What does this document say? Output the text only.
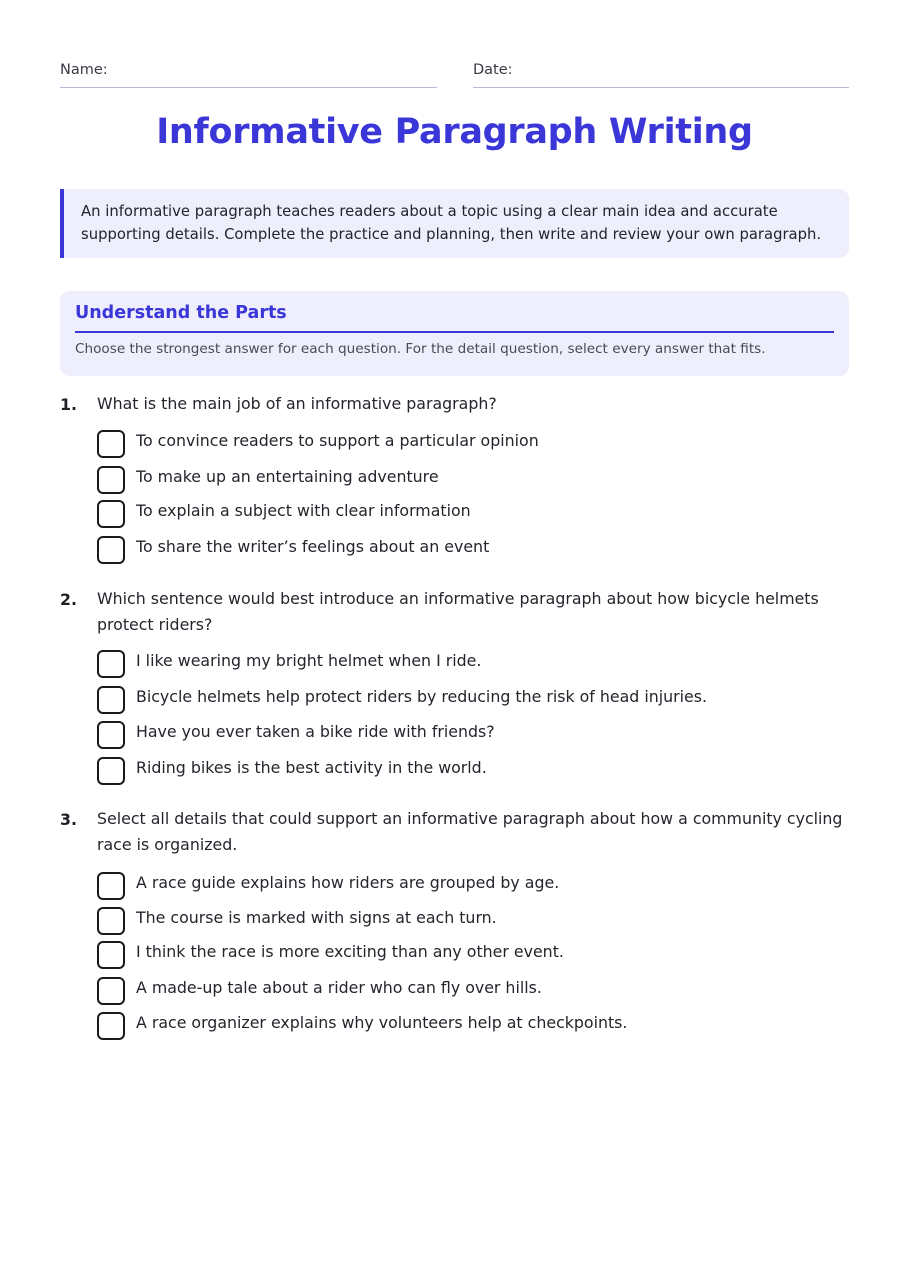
Name:	Date:
Informative Paragraph Writing
An informative paragraph teaches readers about a topic using a clear main idea and accurate supporting details. Complete the practice and planning, then write and review your own paragraph.
Understand the Parts
Choose the strongest answer for each question. For the detail question, select every answer that fits.
1. What is the main job of an informative paragraph?
To convince readers to support a particular opinion
To make up an entertaining adventure
To explain a subject with clear information
To share the writer’s feelings about an event
2. Which sentence would best introduce an informative paragraph about how bicycle helmets protect riders?
I like wearing my bright helmet when I ride.
Bicycle helmets help protect riders by reducing the risk of head injuries.
Have you ever taken a bike ride with friends?
Riding bikes is the best activity in the world.
3. Select all details that could support an informative paragraph about how a community cycling race is organized.
A race guide explains how riders are grouped by age.
The course is marked with signs at each turn.
I think the race is more exciting than any other event.
A made-up tale about a rider who can fly over hills.
A race organizer explains why volunteers help at checkpoints.
